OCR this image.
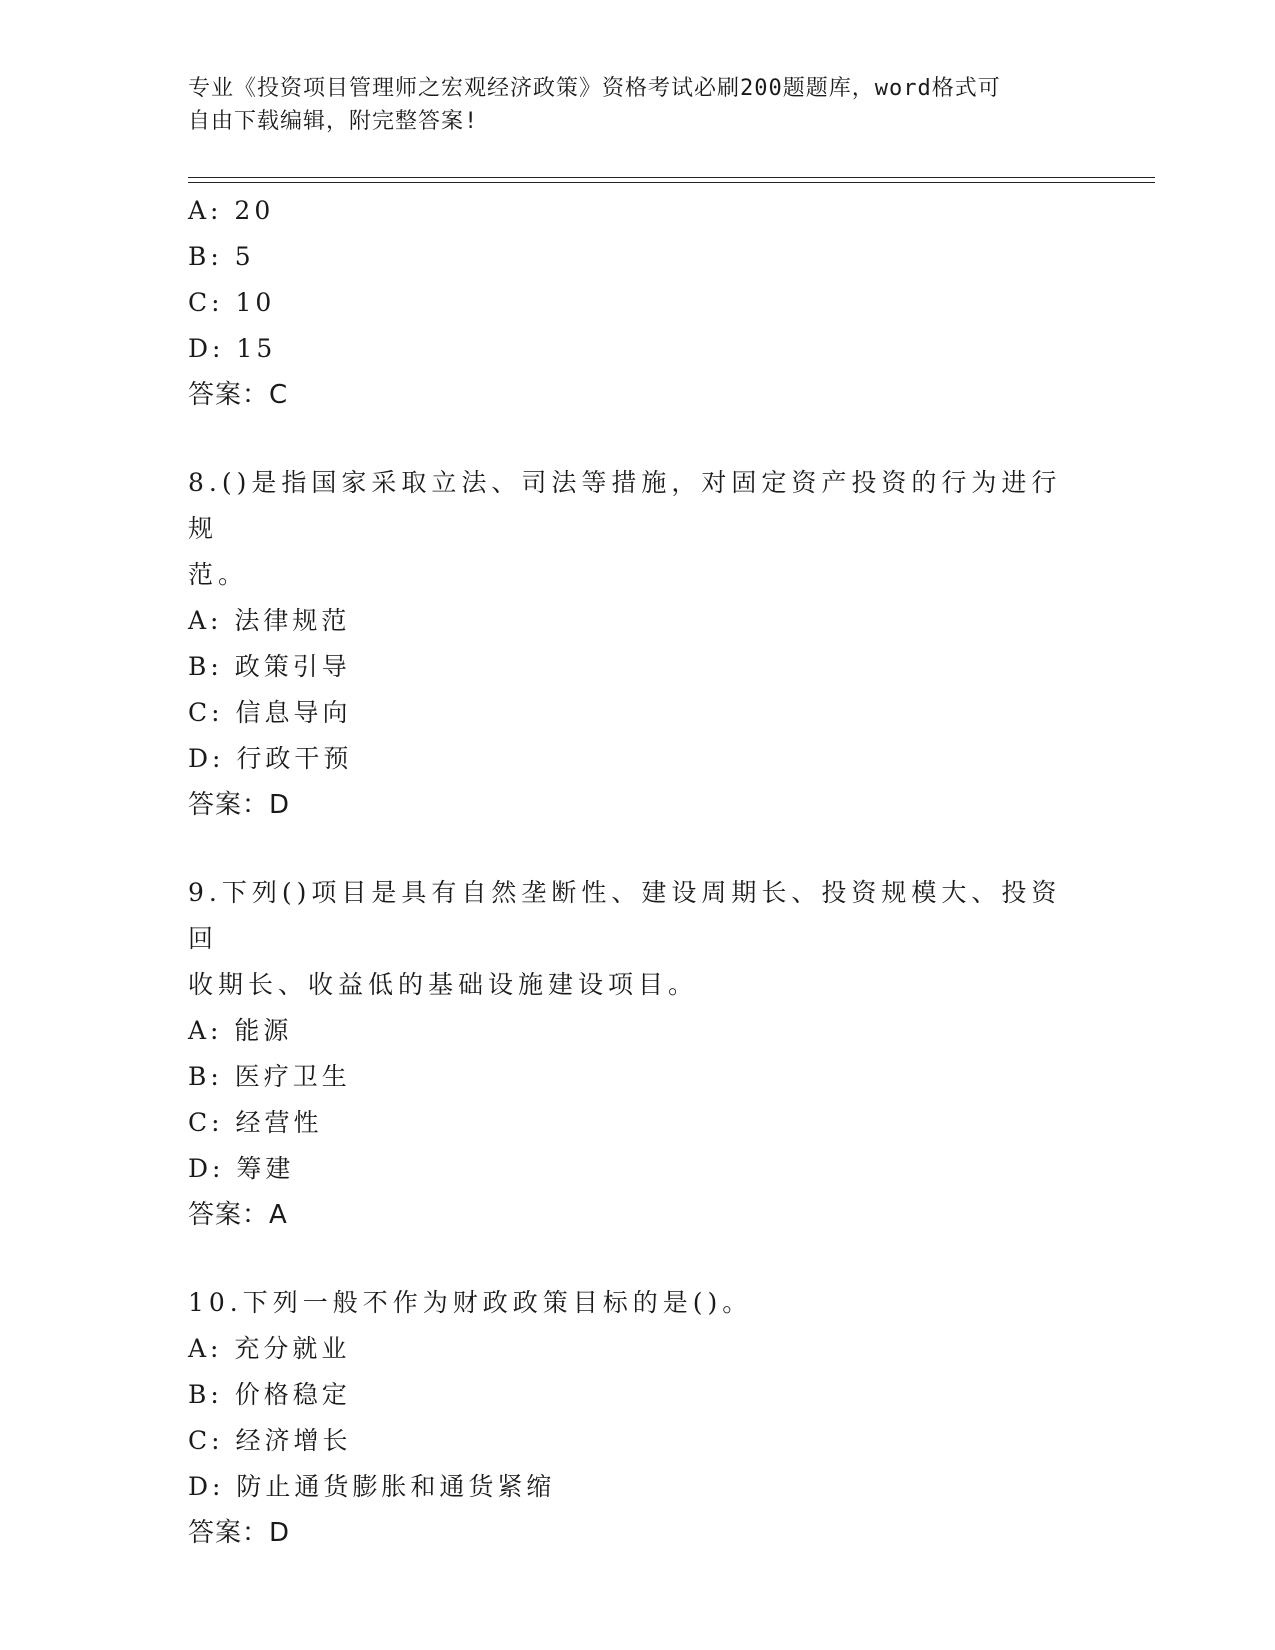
专业《投资项目管理师之宏观经济政策》资格考试必刷200题题库，word格式可
自由下载编辑，附完整答案!
A: 20
B: 5
C: 10
D: 15
答案：C
8.()是指国家采取立法、司法等措施，对固定资产投资的行为进行规
范。
A: 法律规范
B: 政策引导
C: 信息导向
D: 行政干预
答案：D
9.下列()项目是具有自然垄断性、建设周期长、投资规模大、投资回
收期长、收益低的基础设施建设项目。
A: 能源
B: 医疗卫生
C: 经营性
D: 筹建
答案：A
10.下列一般不作为财政政策目标的是()。
A: 充分就业
B: 价格稳定
C: 经济增长
D: 防止通货膨胀和通货紧缩
答案：D
